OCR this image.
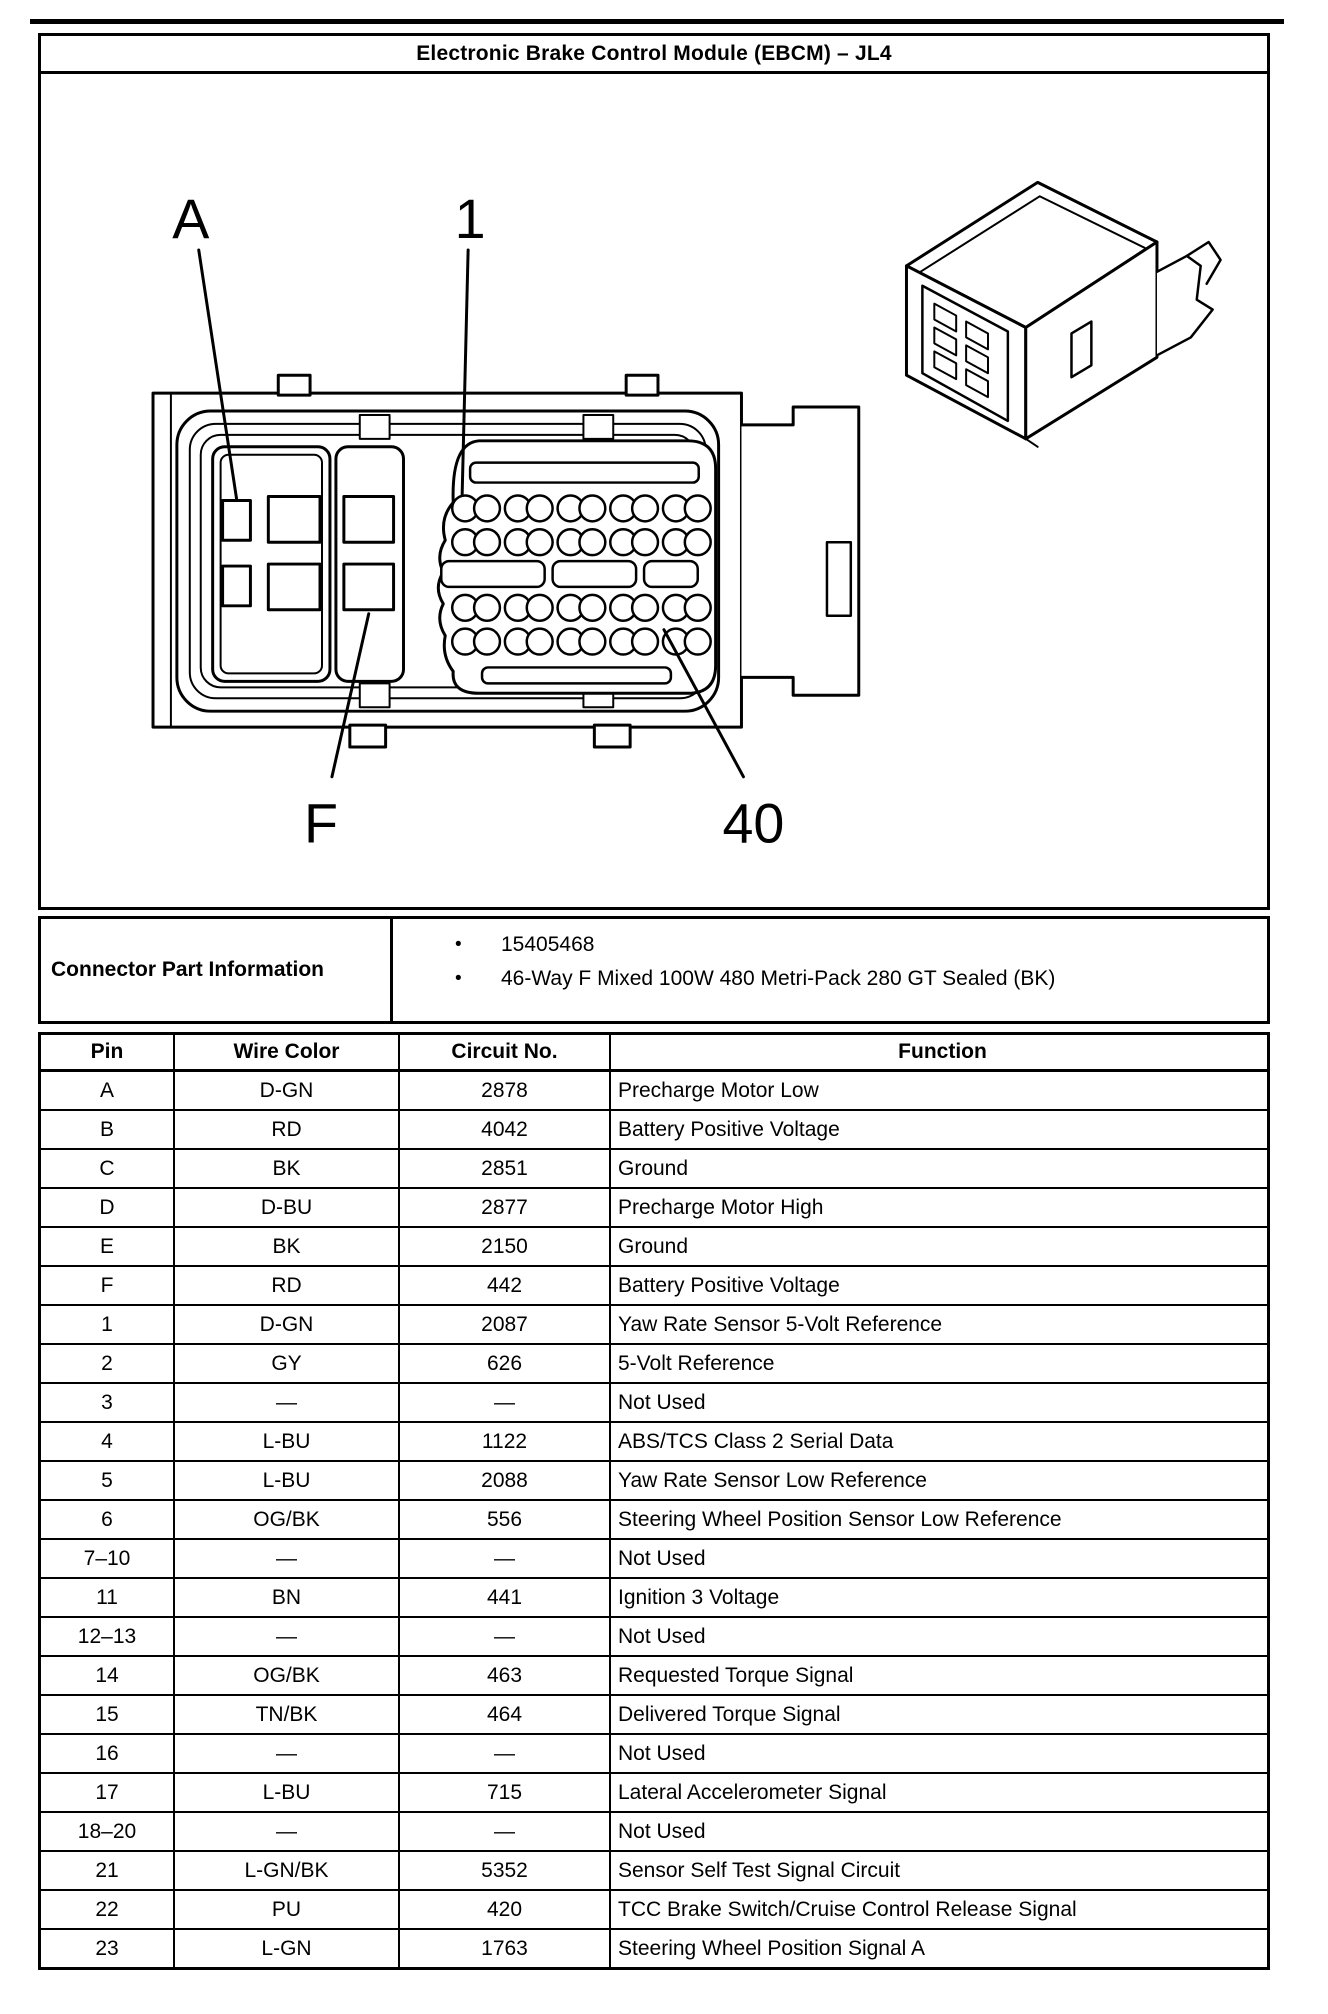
Electronic Brake Control Module (EBCM) – JL4
A	1
F	40
Connector Part Information
•	15405468
•	46-Way F Mixed 100W 480 Metri-Pack 280 GT Sealed (BK)
Pin	Wire Color	Circuit No.	Function
A	D-GN	2878	Precharge Motor Low
B	RD	4042	Battery Positive Voltage
C	BK	2851	Ground
D	D-BU	2877	Precharge Motor High
E	BK	2150	Ground
F	RD	442	Battery Positive Voltage
1	D-GN	2087	Yaw Rate Sensor 5-Volt Reference
2	GY	626	5-Volt Reference
3	—	—	Not Used
4	L-BU	1122	ABS/TCS Class 2 Serial Data
5	L-BU	2088	Yaw Rate Sensor Low Reference
6	OG/BK	556	Steering Wheel Position Sensor Low Reference
7–10	—	—	Not Used
11	BN	441	Ignition 3 Voltage
12–13	—	—	Not Used
14	OG/BK	463	Requested Torque Signal
15	TN/BK	464	Delivered Torque Signal
16	—	—	Not Used
17	L-BU	715	Lateral Accelerometer Signal
18–20	—	—	Not Used
21	L-GN/BK	5352	Sensor Self Test Signal Circuit
22	PU	420	TCC Brake Switch/Cruise Control Release Signal
23	L-GN	1763	Steering Wheel Position Signal A
